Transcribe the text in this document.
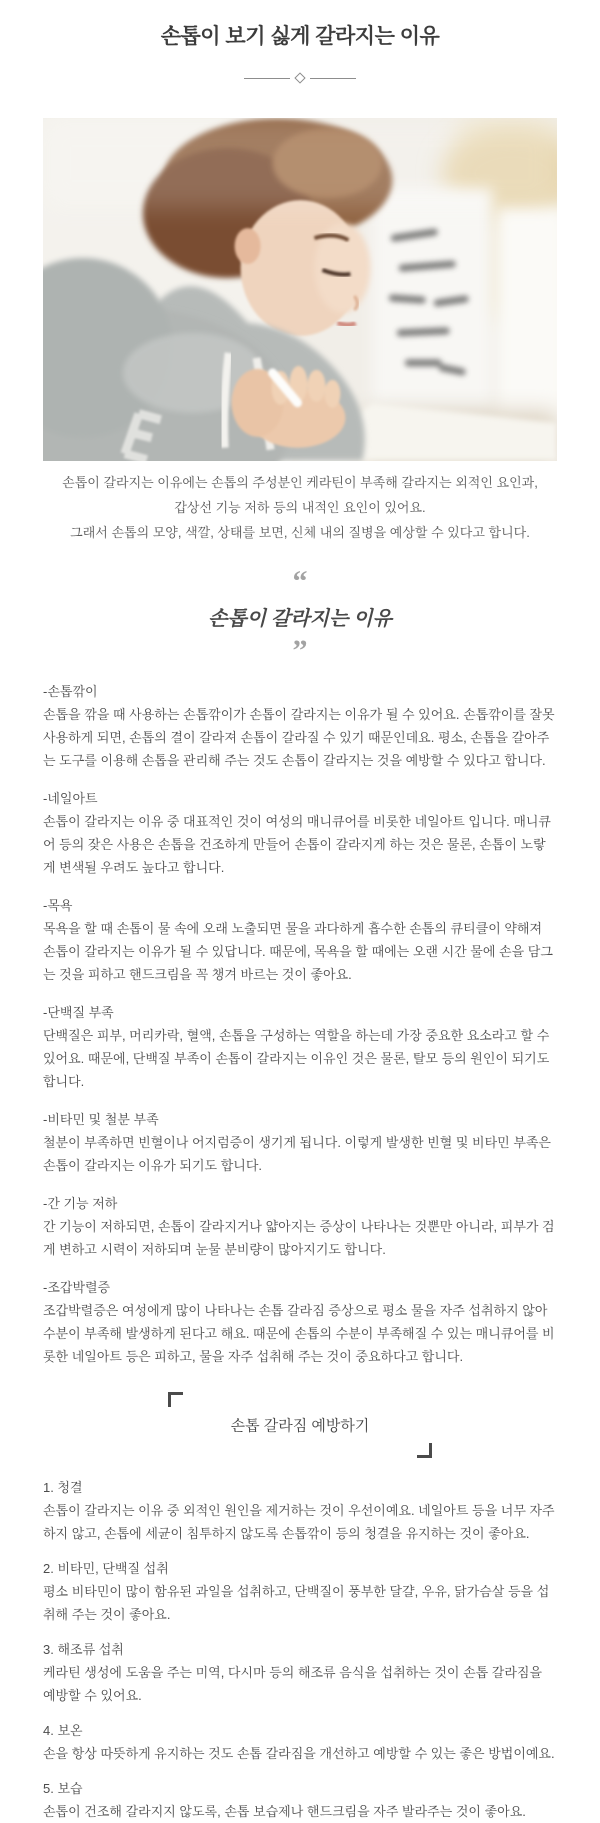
손톱이 보기 싫게 갈라지는 이유
손톱이 갈라지는 이유에는 손톱의 주성분인 케라틴이 부족해 갈라지는 외적인 요인과,
갑상선 기능 저하 등의 내적인 요인이 있어요.
그래서 손톱의 모양, 색깔, 상태를 보면, 신체 내의 질병을 예상할 수 있다고 합니다.
“
손톱이 갈라지는 이유
”
-손톱깎이
손톱을 깎을 때 사용하는 손톱깎이가 손톱이 갈라지는 이유가 될 수 있어요. 손톱깎이를 잘못 사용하게 되면, 손톱의 결이 갈라져 손톱이 갈라질 수 있기 때문인데요. 평소, 손톱을 갈아주는 도구를 이용해 손톱을 관리해 주는 것도 손톱이 갈라지는 것을 예방할 수 있다고 합니다.
-네일아트
손톱이 갈라지는 이유 중 대표적인 것이 여성의 매니큐어를 비롯한 네일아트 입니다. 매니큐어 등의 잦은 사용은 손톱을 건조하게 만들어 손톱이 갈라지게 하는 것은 물론, 손톱이 노랗게 변색될 우려도 높다고 합니다.
-목욕
목욕을 할 때 손톱이 물 속에 오래 노출되면 물을 과다하게 흡수한 손톱의 큐티클이 약해져 손톱이 갈라지는 이유가 될 수 있답니다. 때문에, 목욕을 할 때에는 오랜 시간 물에 손을 담그는 것을 피하고 핸드크림을 꼭 챙겨 바르는 것이 좋아요.
-단백질 부족
단백질은 피부, 머리카락, 혈액, 손톱을 구성하는 역할을 하는데 가장 중요한 요소라고 할 수 있어요. 때문에, 단백질 부족이 손톱이 갈라지는 이유인 것은 물론, 탈모 등의 원인이 되기도 합니다.
-비타민 및 철분 부족
철분이 부족하면 빈혈이나 어지럼증이 생기게 됩니다. 이렇게 발생한 빈혈 및 비타민 부족은 손톱이 갈라지는 이유가 되기도 합니다.
-간 기능 저하
간 기능이 저하되면, 손톱이 갈라지거나 얇아지는 증상이 나타나는 것뿐만 아니라, 피부가 검게 변하고 시력이 저하되며 눈물 분비량이 많아지기도 합니다.
-조갑박렬증
조갑박렬증은 여성에게 많이 나타나는 손톱 갈라짐 증상으로 평소 물을 자주 섭취하지 않아 수분이 부족해 발생하게 된다고 해요. 때문에 손톱의 수분이 부족해질 수 있는 매니큐어를 비롯한 네일아트 등은 피하고, 물을 자주 섭취해 주는 것이 중요하다고 합니다.
손톱 갈라짐 예방하기
1. 청결
손톱이 갈라지는 이유 중 외적인 원인을 제거하는 것이 우선이예요. 네일아트 등을 너무 자주하지 않고, 손톱에 세균이 침투하지 않도록 손톱깎이 등의 청결을 유지하는 것이 좋아요.
2. 비타민, 단백질 섭취
평소 비타민이 많이 함유된 과일을 섭취하고, 단백질이 풍부한 달걀, 우유, 닭가슴살 등을 섭취해 주는 것이 좋아요.
3. 해조류 섭취
케라틴 생성에 도움을 주는 미역, 다시마 등의 해조류 음식을 섭취하는 것이 손톱 갈라짐을 예방할 수 있어요.
4. 보온
손을 항상 따뜻하게 유지하는 것도 손톱 갈라짐을 개선하고 예방할 수 있는 좋은 방법이예요.
5. 보습
손톱이 건조해 갈라지지 않도록, 손톱 보습제나 핸드크림을 자주 발라주는 것이 좋아요.
